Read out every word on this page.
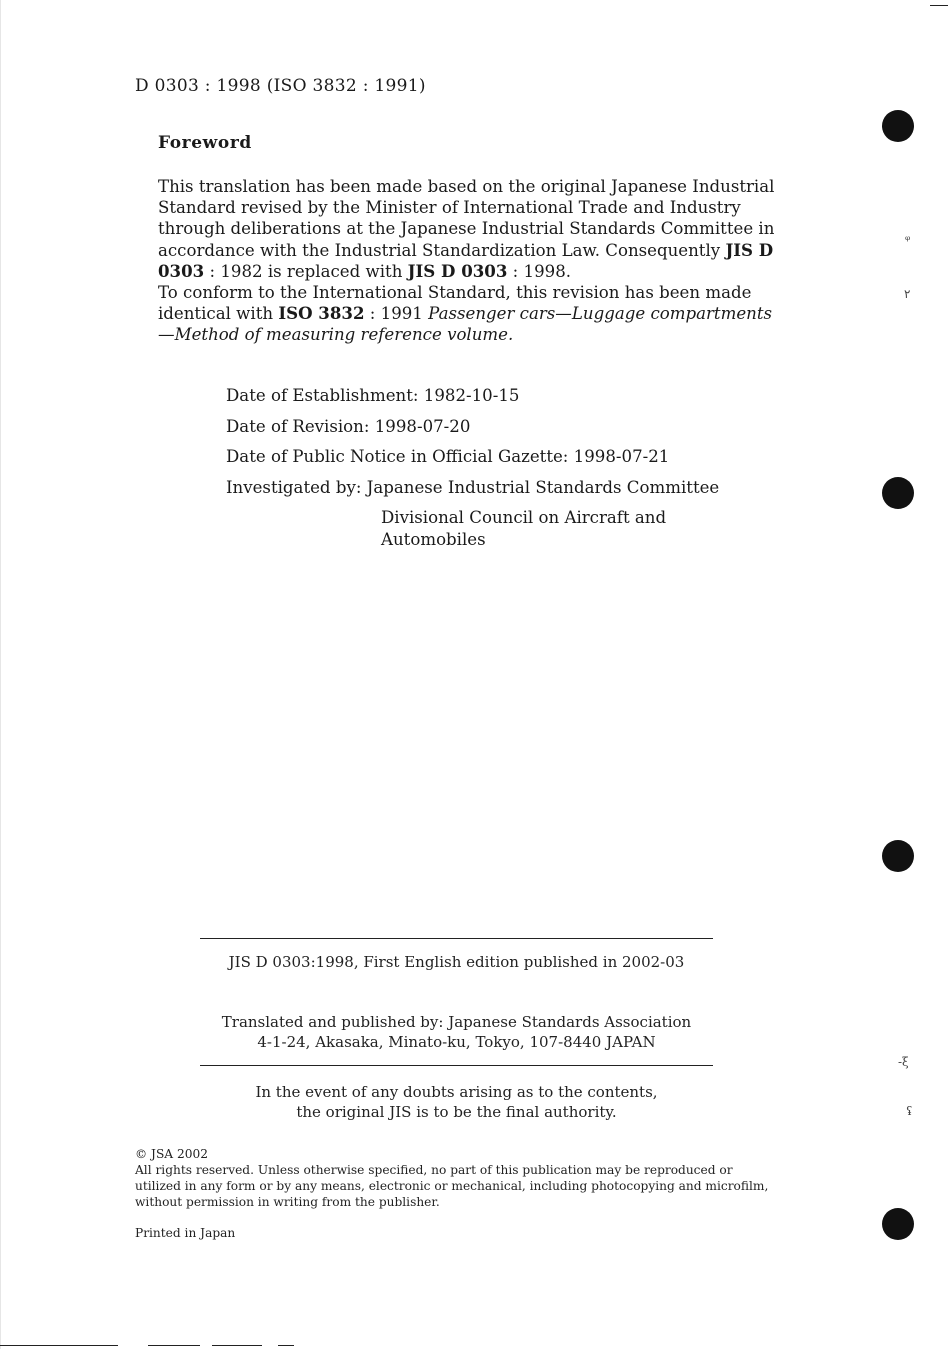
D 0303 : 1998 (ISO 3832 : 1991)
Foreword

This translation has been made based on the original Japanese Industrial Standard revised by the Minister of International Trade and Industry through deliberations at the Japanese Industrial Standards Committee in accordance with the Industrial Standardization Law. Consequently JIS D 0303 : 1982 is replaced with JIS D 0303 : 1998.

To conform to the International Standard, this revision has been made identical with ISO 3832 : 1991 Passenger cars—Luggage compartments—Method of measuring reference volume.

Date of Establishment: 1982-10-15
Date of Revision: 1998-07-20
Date of Public Notice in Official Gazette: 1998-07-21
Investigated by: Japanese Industrial Standards Committee
Divisional Council on Aircraft and
Automobiles
JIS D 0303:1998, First English edition published in 2002-03
Translated and published by: Japanese Standards Association
4-1-24, Akasaka, Minato-ku, Tokyo, 107-8440 JAPAN
In the event of any doubts arising as to the contents,
the original JIS is to be the final authority.
© JSA 2002
All rights reserved. Unless otherwise specified, no part of this publication may be reproduced or utilized in any form or by any means, electronic or mechanical, including photocopying and microfilm, without permission in writing from the publisher.
Printed in Japan
ᵠ
٢
-ξ
ʢ
